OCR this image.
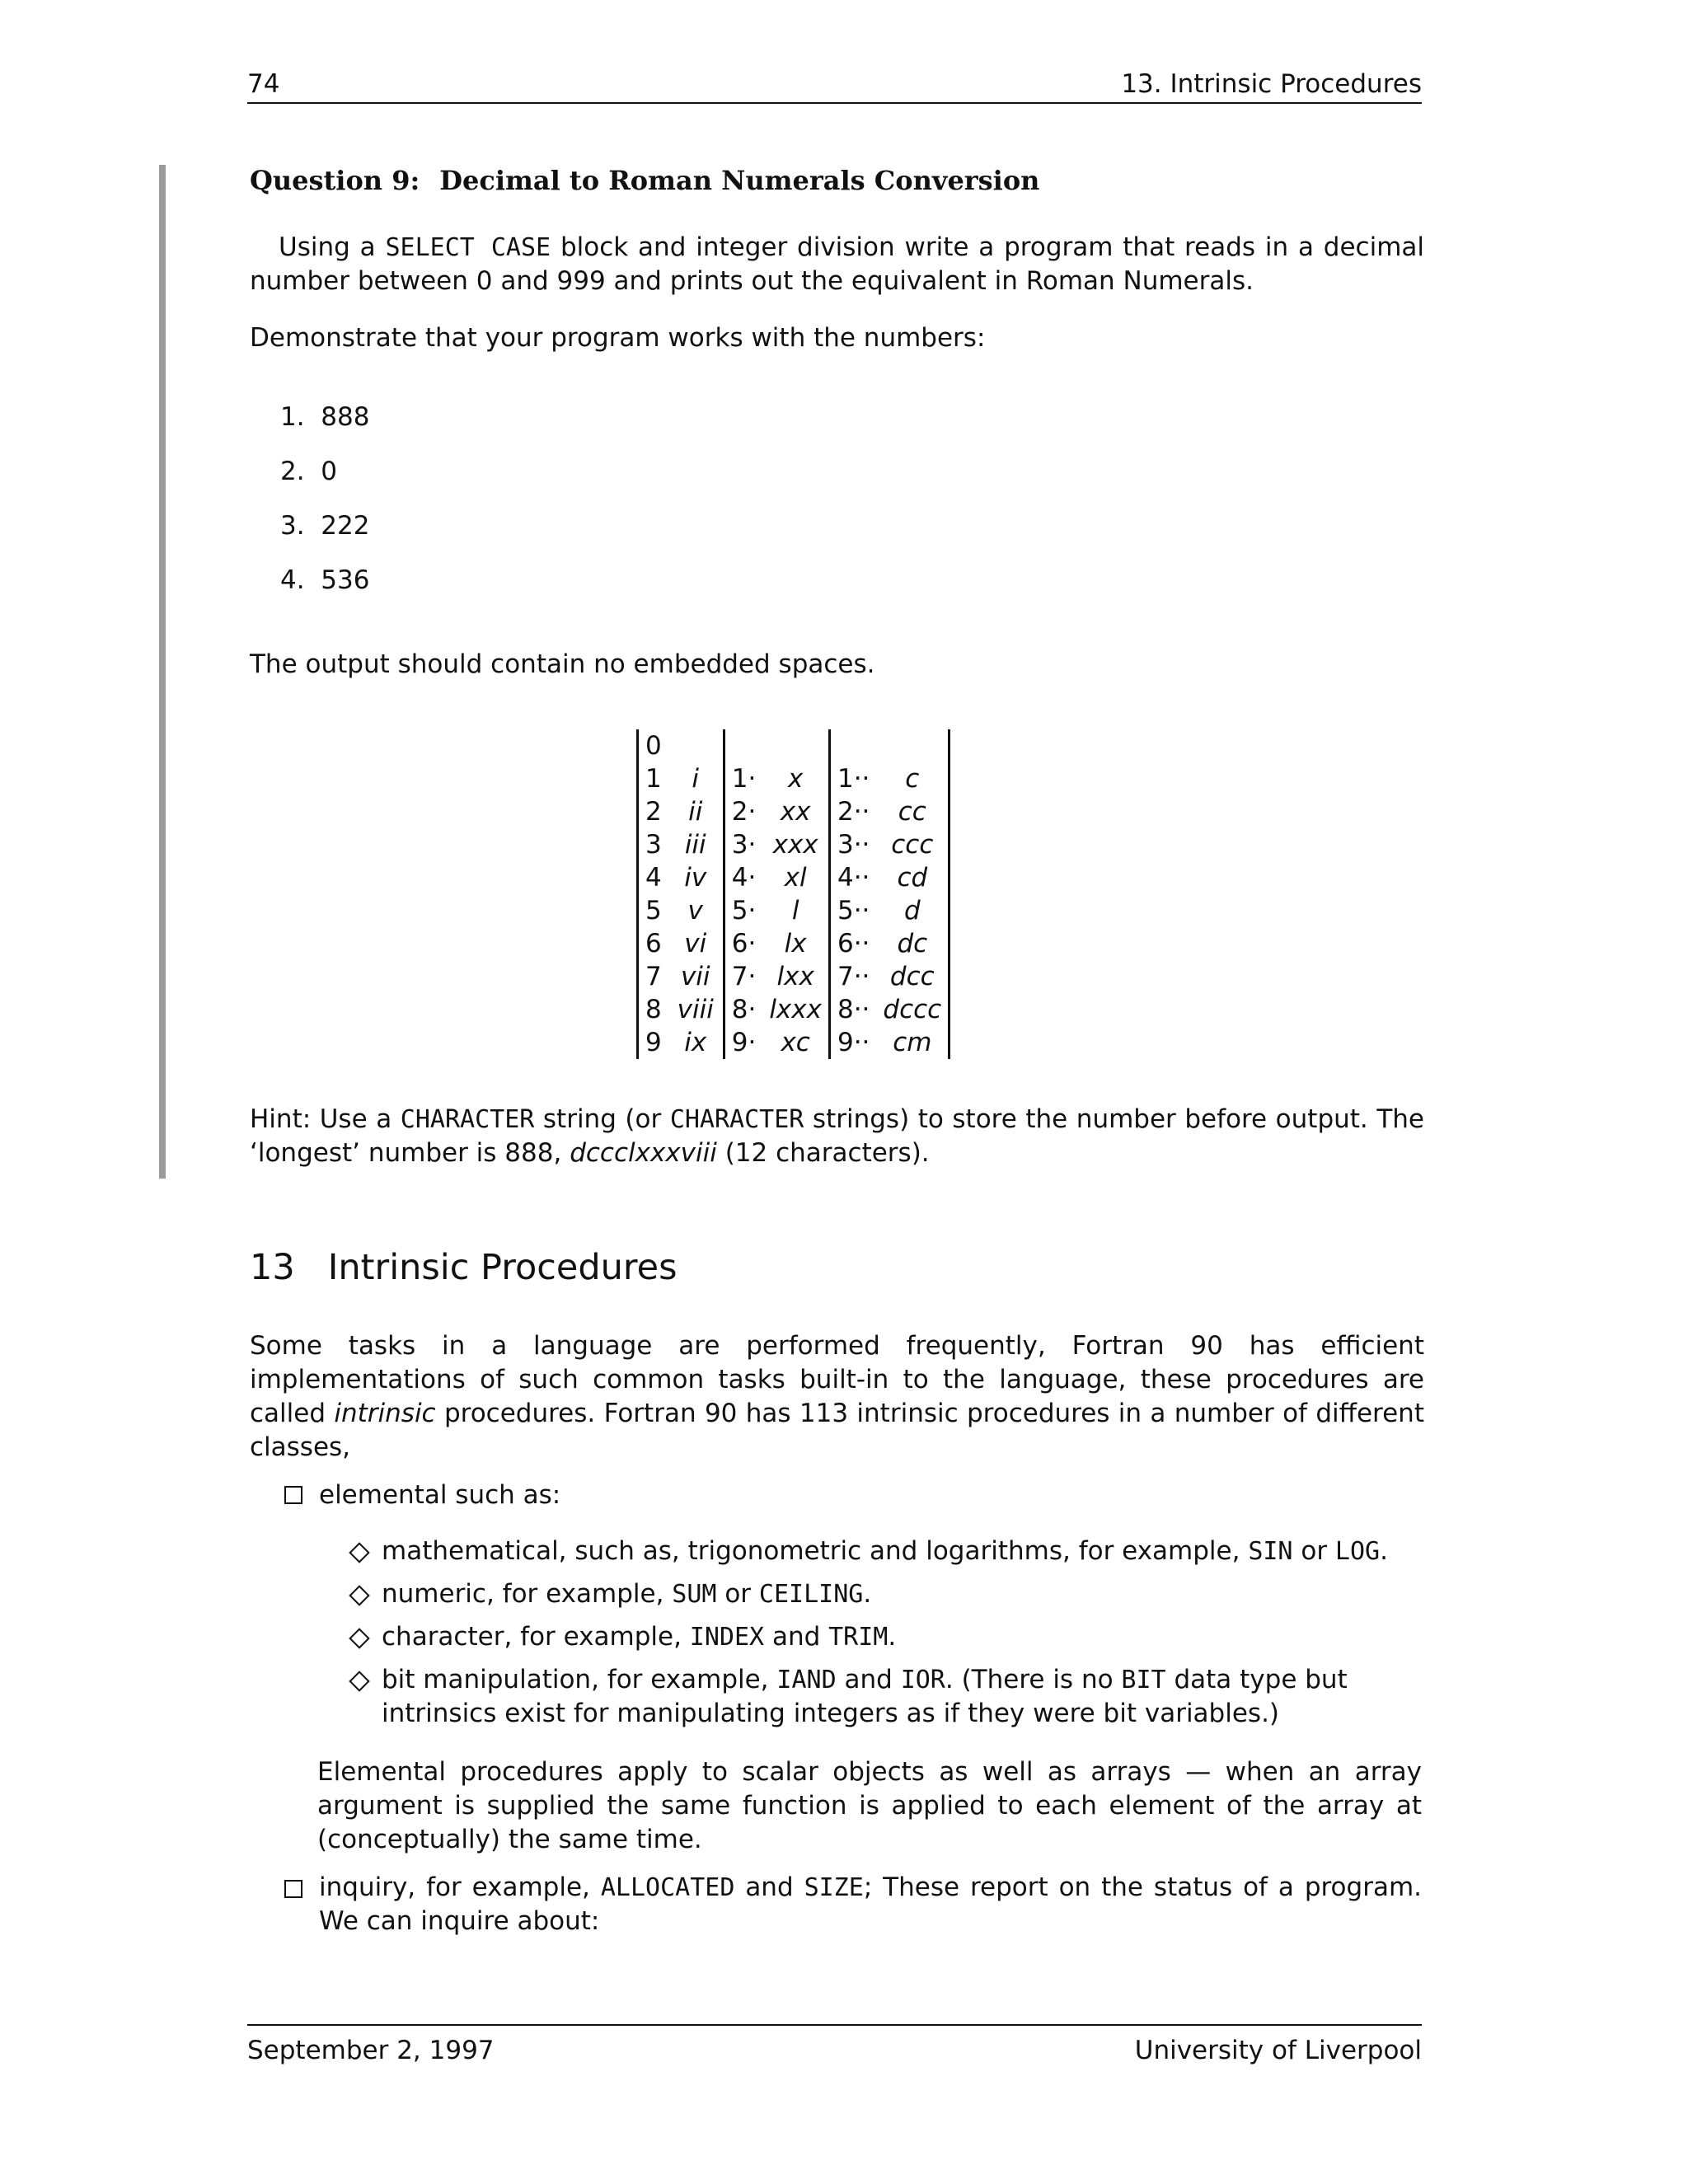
74	13. Intrinsic Procedures
Question 9: Decimal to Roman Numerals Conversion
Using a SELECT CASE block and integer division write a program that reads in a decimal number between 0 and 999 and prints out the equivalent in Roman Numerals.
Demonstrate that your program works with the numbers:
1. 888
2. 0
3. 222
4. 536
The output should contain no embedded spaces.
0					
1	i	1·	x	1··	c
2	ii	2·	xx	2··	cc
3	iii	3·	xxx	3··	ccc
4	iv	4·	xl	4··	cd
5	v	5·	l	5··	d
6	vi	6·	lx	6··	dc
7	vii	7·	lxx	7··	dcc
8	viii	8·	lxxx	8··	dccc
9	ix	9·	xc	9··	cm
Hint: Use a CHARACTER string (or CHARACTER strings) to store the number before output. The ‘longest’ number is 888, dccclxxxviii (12 characters).
13 Intrinsic Procedures
Some tasks in a language are performed frequently, Fortran 90 has efficient implementations of such common tasks built-in to the language, these procedures are called intrinsic procedures. Fortran 90 has 113 intrinsic procedures in a number of different classes,
elemental such as:
mathematical, such as, trigonometric and logarithms, for example, SIN or LOG.
numeric, for example, SUM or CEILING.
character, for example, INDEX and TRIM.
bit manipulation, for example, IAND and IOR. (There is no BIT data type but intrinsics exist for manipulating integers as if they were bit variables.)
Elemental procedures apply to scalar objects as well as arrays — when an array argument is supplied the same function is applied to each element of the array at (conceptually) the same time.
inquiry, for example, ALLOCATED and SIZE; These report on the status of a program. We can inquire about:
September 2, 1997	University of Liverpool
